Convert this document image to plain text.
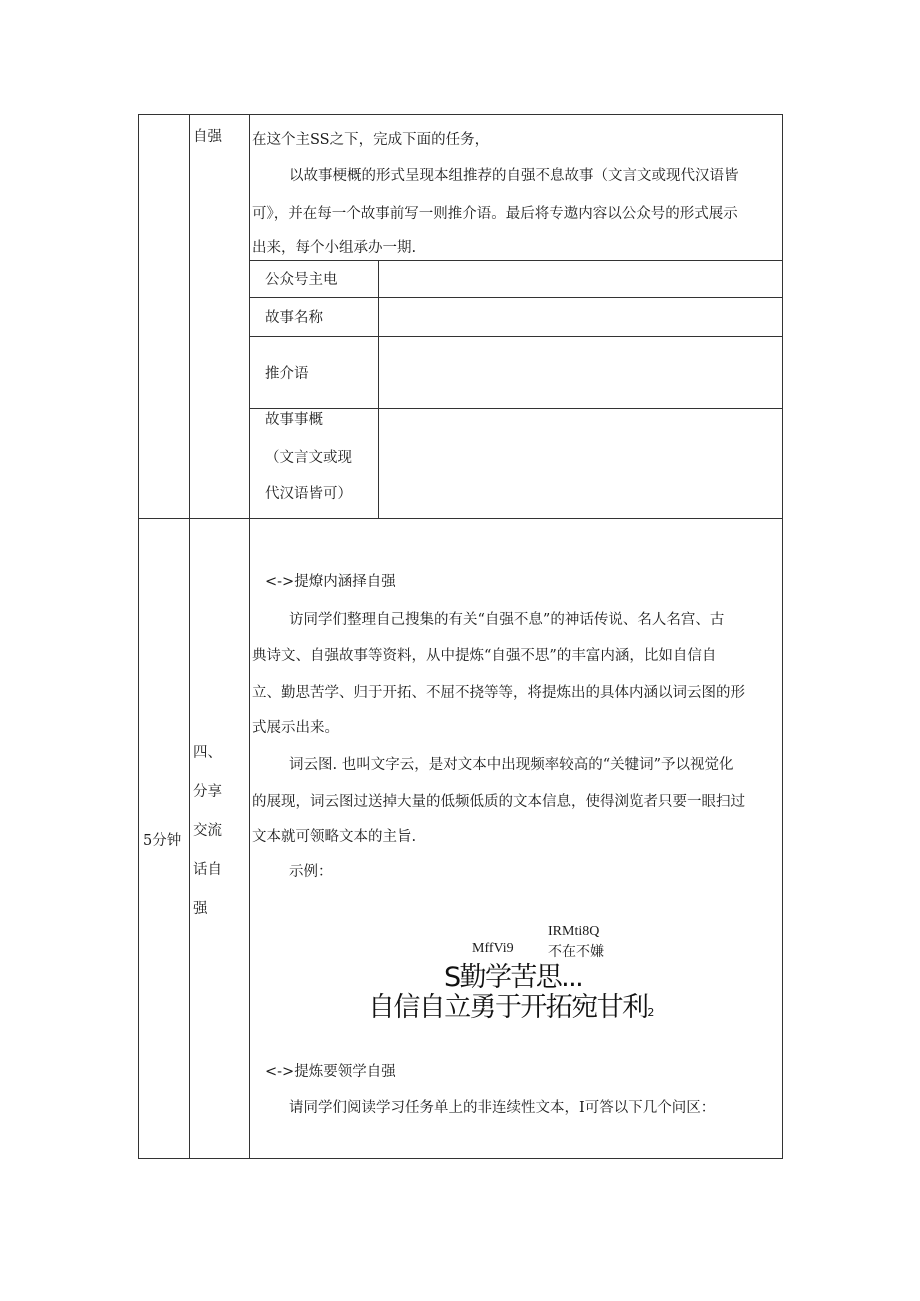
自强 在这个主SS之下，完成下面的任务，
以故事梗概的形式呈现本组推荐的自强不息故事（文言文或现代汉语皆
可》，并在每一个故事前写一则推介语。最后将专遨内容以公众号的形式展示
出来，每个小组承办一期.
公众号主电
故事名称
推介语
故事事概
（文言文或现
代汉语皆可）
5分钟
四、
分享
交流
话自
强
<->提燎内涵择自强
访同学们整理自己搜集的有关“自强不息”的神话传说、名人名宫、古
典诗文、自强故事等资料，从中提炼“自强不思”的丰富内涵，比如自信自
立、勤思苦学、归于开拓、不屈不挠等等，将提炼出的具体内涵以词云图的形
式展示出来。
词云图. 也叫文字云，是对文本中出现频率较高的“关犍词”予以视觉化
的展现，词云图过送掉大量的低频低质的文本信息，使得浏览者只要一眼扫过
文本就可领略文本的主旨.
示例：
IRMti8Q
MffVi9 不在不嫌
S勤学苦思...
自信自立勇于开拓宛甘利2
<->提炼要领学自强
请同学们阅读学习任务单上的非连续性文本，I可答以下几个问区：
